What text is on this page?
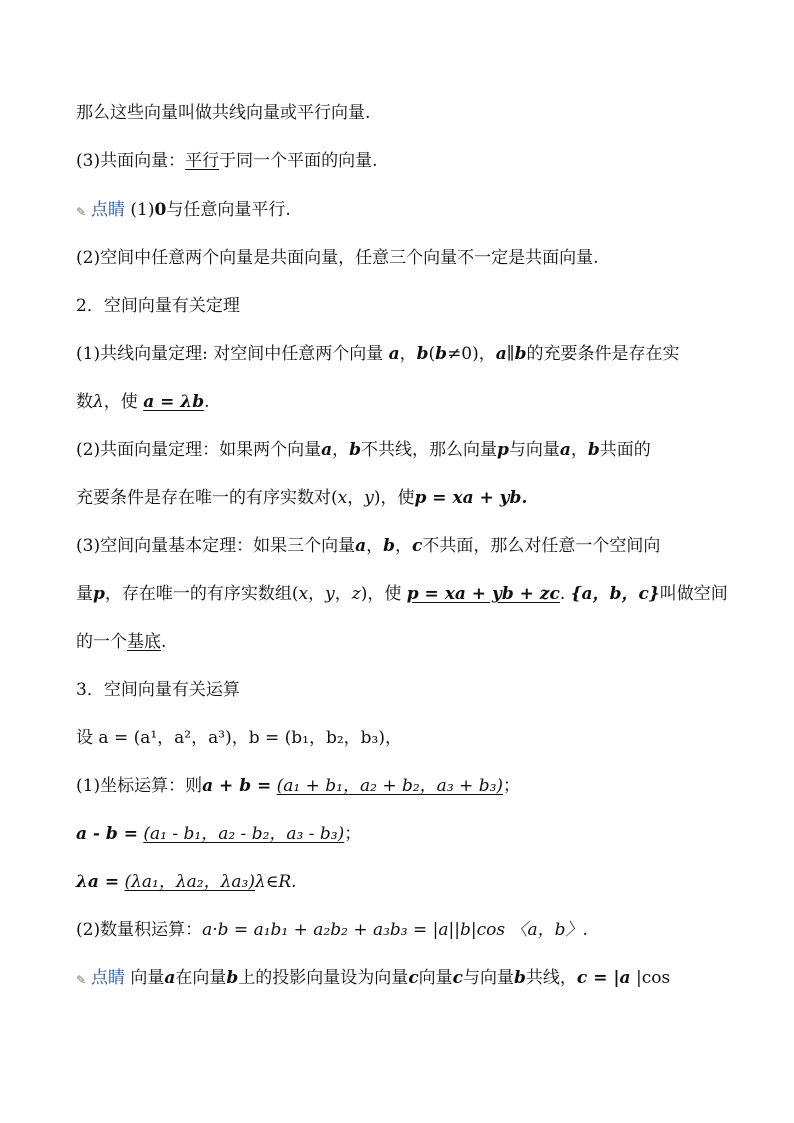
那么这些向量叫做共线向量或平行向量.
(3)共面向量：平行于同一个平面的向量.
✎ 点睛 (1)0与任意向量平行.
(2)空间中任意两个向量是共面向量，任意三个向量不一定是共面向量.
2．空间向量有关定理
(1)共线向量定理: 对空间中任意两个向量 a，b(b≠0)，a∥b的充要条件是存在实
数λ，使 a = λb.
(2)共面向量定理：如果两个向量a，b不共线，那么向量p与向量a，b共面的
充要条件是存在唯一的有序实数对(x，y)，使p = xa + yb.
(3)空间向量基本定理：如果三个向量a，b，c不共面，那么对任意一个空间向
量p，存在唯一的有序实数组(x，y，z)，使 p = xa + yb + zc. {a，b，c}叫做空间
的一个基底.
3．空间向量有关运算
设 a = (a¹，a²，a³)，b = (b₁，b₂，b₃)，
(1)坐标运算：则a + b = (a₁ + b₁，a₂ + b₂，a₃ + b₃)；
a - b = (a₁ - b₁，a₂ - b₂，a₃ - b₃)；
λa = (λa₁，λa₂，λa₃)λ∈R.
(2)数量积运算：a·b = a₁b₁ + a₂b₂ + a₃b₃ = |a||b|cos 〈a，b〉.
✎ 点睛 向量a在向量b上的投影向量设为向量c向量c与向量b共线，c = |a |cos
